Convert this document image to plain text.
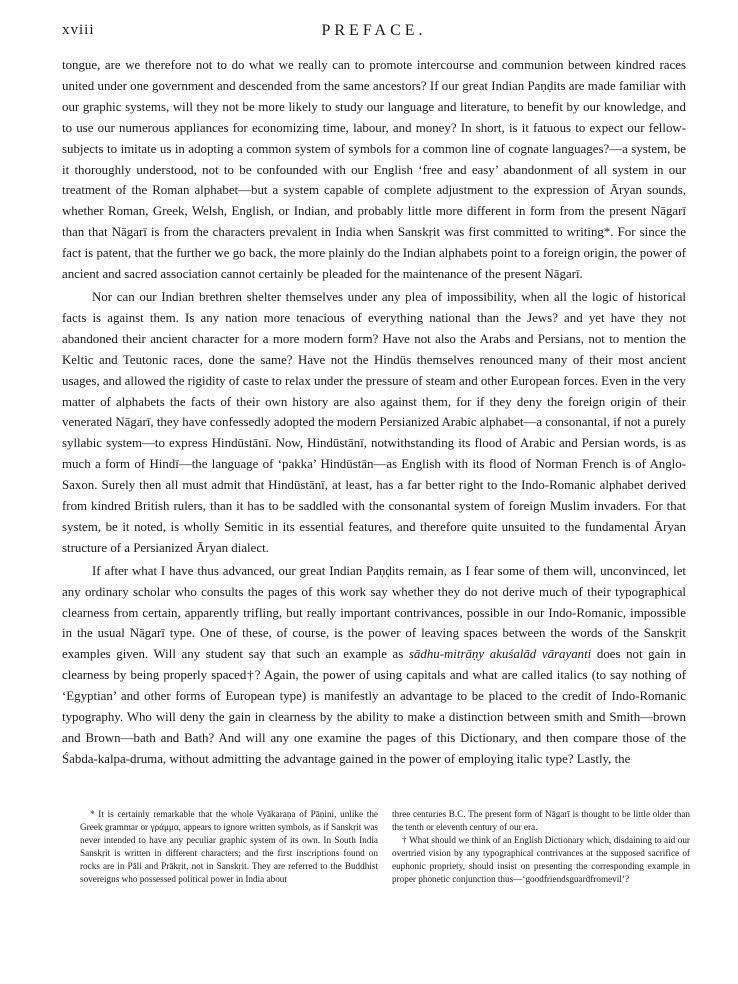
xviii	PREFACE.

tongue, are we therefore not to do what we really can to promote intercourse and communion between kindred races united under one government and descended from the same ancestors? If our great Indian Paṇḍits are made familiar with our graphic systems, will they not be more likely to study our language and literature, to benefit by our knowledge, and to use our numerous appliances for economizing time, labour, and money? In short, is it fatuous to expect our fellow-subjects to imitate us in adopting a common system of symbols for a common line of cognate languages?—a system, be it thoroughly understood, not to be confounded with our English ‘free and easy’ abandonment of all system in our treatment of the Roman alphabet—but a system capable of complete adjustment to the expression of Āryan sounds, whether Roman, Greek, Welsh, English, or Indian, and probably little more different in form from the present Nāgarī than that Nāgarī is from the characters prevalent in India when Sanskṛit was first committed to writing*. For since the fact is patent, that the further we go back, the more plainly do the Indian alphabets point to a foreign origin, the power of ancient and sacred association cannot certainly be pleaded for the maintenance of the present Nāgarī.

Nor can our Indian brethren shelter themselves under any plea of impossibility, when all the logic of historical facts is against them. Is any nation more tenacious of everything national than the Jews? and yet have they not abandoned their ancient character for a more modern form? Have not also the Arabs and Persians, not to mention the Keltic and Teutonic races, done the same? Have not the Hindūs themselves renounced many of their most ancient usages, and allowed the rigidity of caste to relax under the pressure of steam and other European forces. Even in the very matter of alphabets the facts of their own history are also against them, for if they deny the foreign origin of their venerated Nāgarī, they have confessedly adopted the modern Persianized Arabic alphabet—a consonantal, if not a purely syllabic system—to express Hindūstānī. Now, Hindūstānī, notwithstanding its flood of Arabic and Persian words, is as much a form of Hindī—the language of ‘pakka’ Hindūstān—as English with its flood of Norman French is of Anglo-Saxon. Surely then all must admit that Hindūstānī, at least, has a far better right to the Indo-Romanic alphabet derived from kindred British rulers, than it has to be saddled with the consonantal system of foreign Muslim invaders. For that system, be it noted, is wholly Semitic in its essential features, and therefore quite unsuited to the fundamental Āryan structure of a Persianized Āryan dialect.

If after what I have thus advanced, our great Indian Paṇḍits remain, as I fear some of them will, unconvinced, let any ordinary scholar who consults the pages of this work say whether they do not derive much of their typographical clearness from certain, apparently trifling, but really important contrivances, possible in our Indo-Romanic, impossible in the usual Nāgarī type. One of these, of course, is the power of leaving spaces between the words of the Sanskṛit examples given. Will any student say that such an example as sādhu-mitrāṇy akuśalād vārayanti does not gain in clearness by being properly spaced†? Again, the power of using capitals and what are called italics (to say nothing of ‘Egyptian’ and other forms of European type) is manifestly an advantage to be placed to the credit of Indo-Romanic typography. Who will deny the gain in clearness by the ability to make a distinction between smith and Smith—brown and Brown—bath and Bath? And will any one examine the pages of this Dictionary, and then compare those of the Śabda-kalpa-druma, without admitting the advantage gained in the power of employing italic type? Lastly, the

* It is certainly remarkable that the whole Vyākaraṇa of Pāṇini, unlike the Greek grammar or γράμμα, appears to ignore written symbols, as if Sanskṛit was never intended to have any peculiar graphic system of its own. In South India Sanskṛit is written in different characters; and the first inscriptions found on rocks are in Pāli and Prākṛit, not in Sanskṛit. They are referred to the Buddhist sovereigns who possessed political power in India about

three centuries B.C. The present form of Nāgarī is thought to be little older than the tenth or eleventh century of our era.

† What should we think of an English Dictionary which, disdaining to aid our overtried vision by any typographical contrivances at the supposed sacrifice of euphonic propriety, should insist on presenting the corresponding example in proper phonetic conjunction thus—‘goodfriendsguardfromevil’?
